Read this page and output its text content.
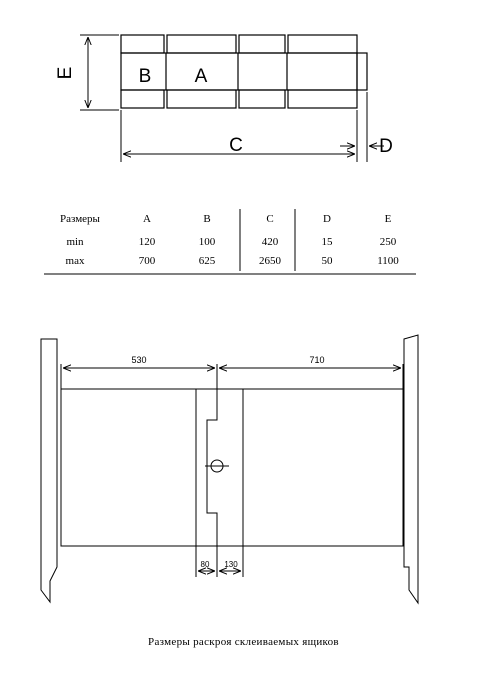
B A
C	D
E
Размеры	A	B	C	D	E
min	120	100	420	15	250
max	700	625	2650	50	1100
530	710
80 130
Размеры раскроя склеиваемых ящиков
